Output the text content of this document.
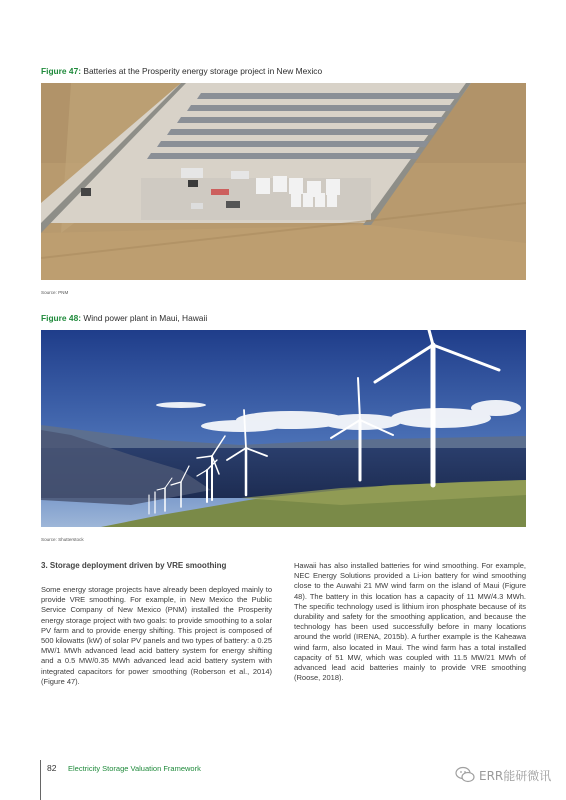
Figure 47: Batteries at the Prosperity energy storage project in New Mexico
Source: PNM
Figure 48: Wind power plant in Maui, Hawaii
Source: Shutterstock
3. Storage deployment driven by VRE smoothing

Some energy storage projects have already been deployed mainly to provide VRE smoothing. For example, in New Mexico the Public Service Company of New Mexico (PNM) installed the Prosperity energy storage project with two goals: to provide smoothing to a solar PV farm and to provide energy shifting. This project is composed of 500 kilowatts (kW) of solar PV panels and two types of battery: a 0.25 MW/1 MWh advanced lead acid battery system for energy shifting and a 0.5 MW/0.35 MWh advanced lead acid battery system with integrated capacitors for power smoothing (Roberson et al., 2014) (Figure 47).

Hawaii has also installed batteries for wind smoothing. For example, NEC Energy Solutions provided a Li-ion battery for wind smoothing close to the Auwahi 21 MW wind farm on the island of Maui (Figure 48). The battery in this location has a capacity of 11 MW/4.3 MWh. The specific technology used is lithium iron phosphate because of its durability and safety for the smoothing application, and because the technology has been used successfully before in many locations around the world (IRENA, 2015b). A further example is the Kaheawa wind farm, also located in Maui. The wind farm has a total installed capacity of 51 MW, which was coupled with 11.5 MW/21 MWh of advanced lead acid batteries mainly to provide VRE smoothing (Roose, 2018).

82 Electricity Storage Valuation Framework	ERR能研微讯
